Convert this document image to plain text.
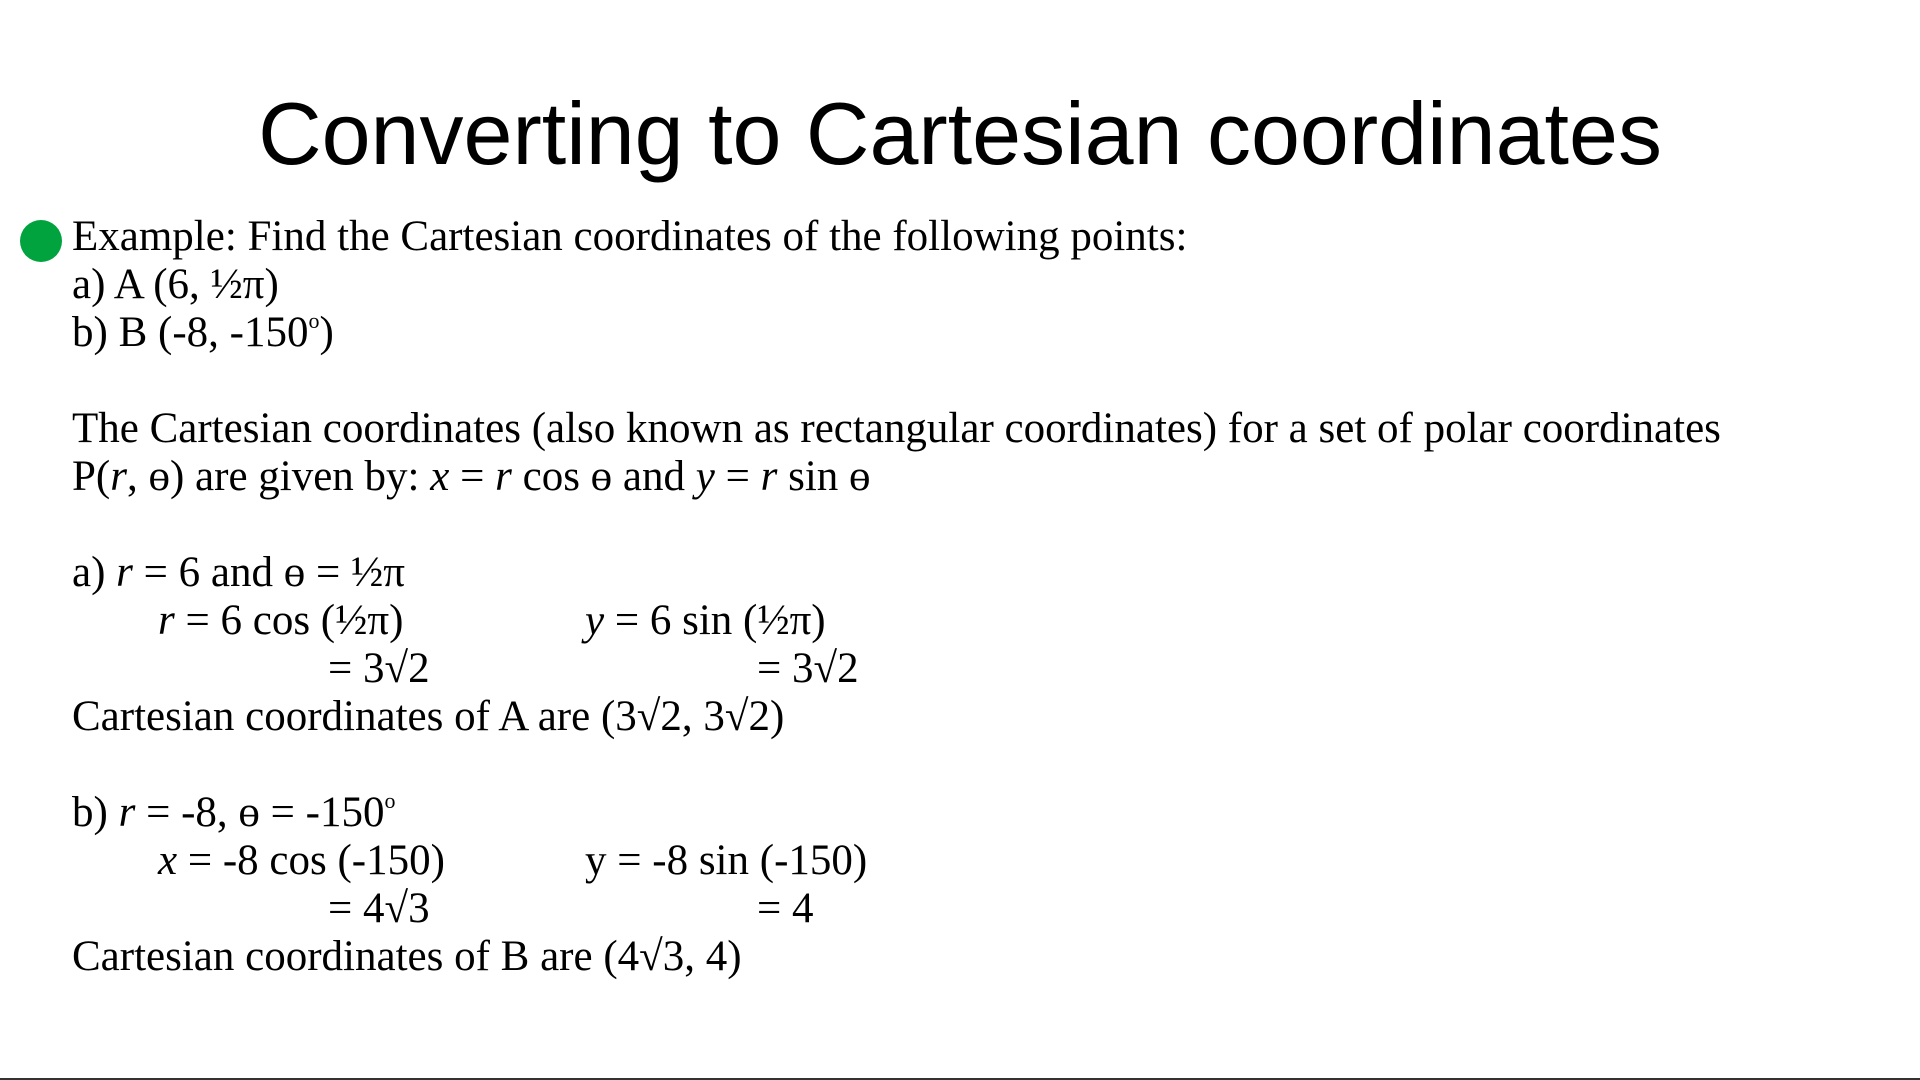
Converting to Cartesian coordinates
Example: Find the Cartesian coordinates of the following points:
a) A (6, ½π)
b) B (-8, -150$^o$)
The Cartesian coordinates (also known as rectangular coordinates) for a set of polar coordinates
P(r, ɵ) are given by: x = r cos ɵ and y = r sin ɵ
a) r = 6 and ɵ = ½π
r = 6 cos (½π)	y = 6 sin (½π)
= 3√2	= 3√2
Cartesian coordinates of A are (3√2, 3√2)
b) r = -8, ɵ = $-150^o$
x = -8 cos (-150)	y = -8 sin (-150)
= 4√3	= 4
Cartesian coordinates of B are (4√3, 4)
